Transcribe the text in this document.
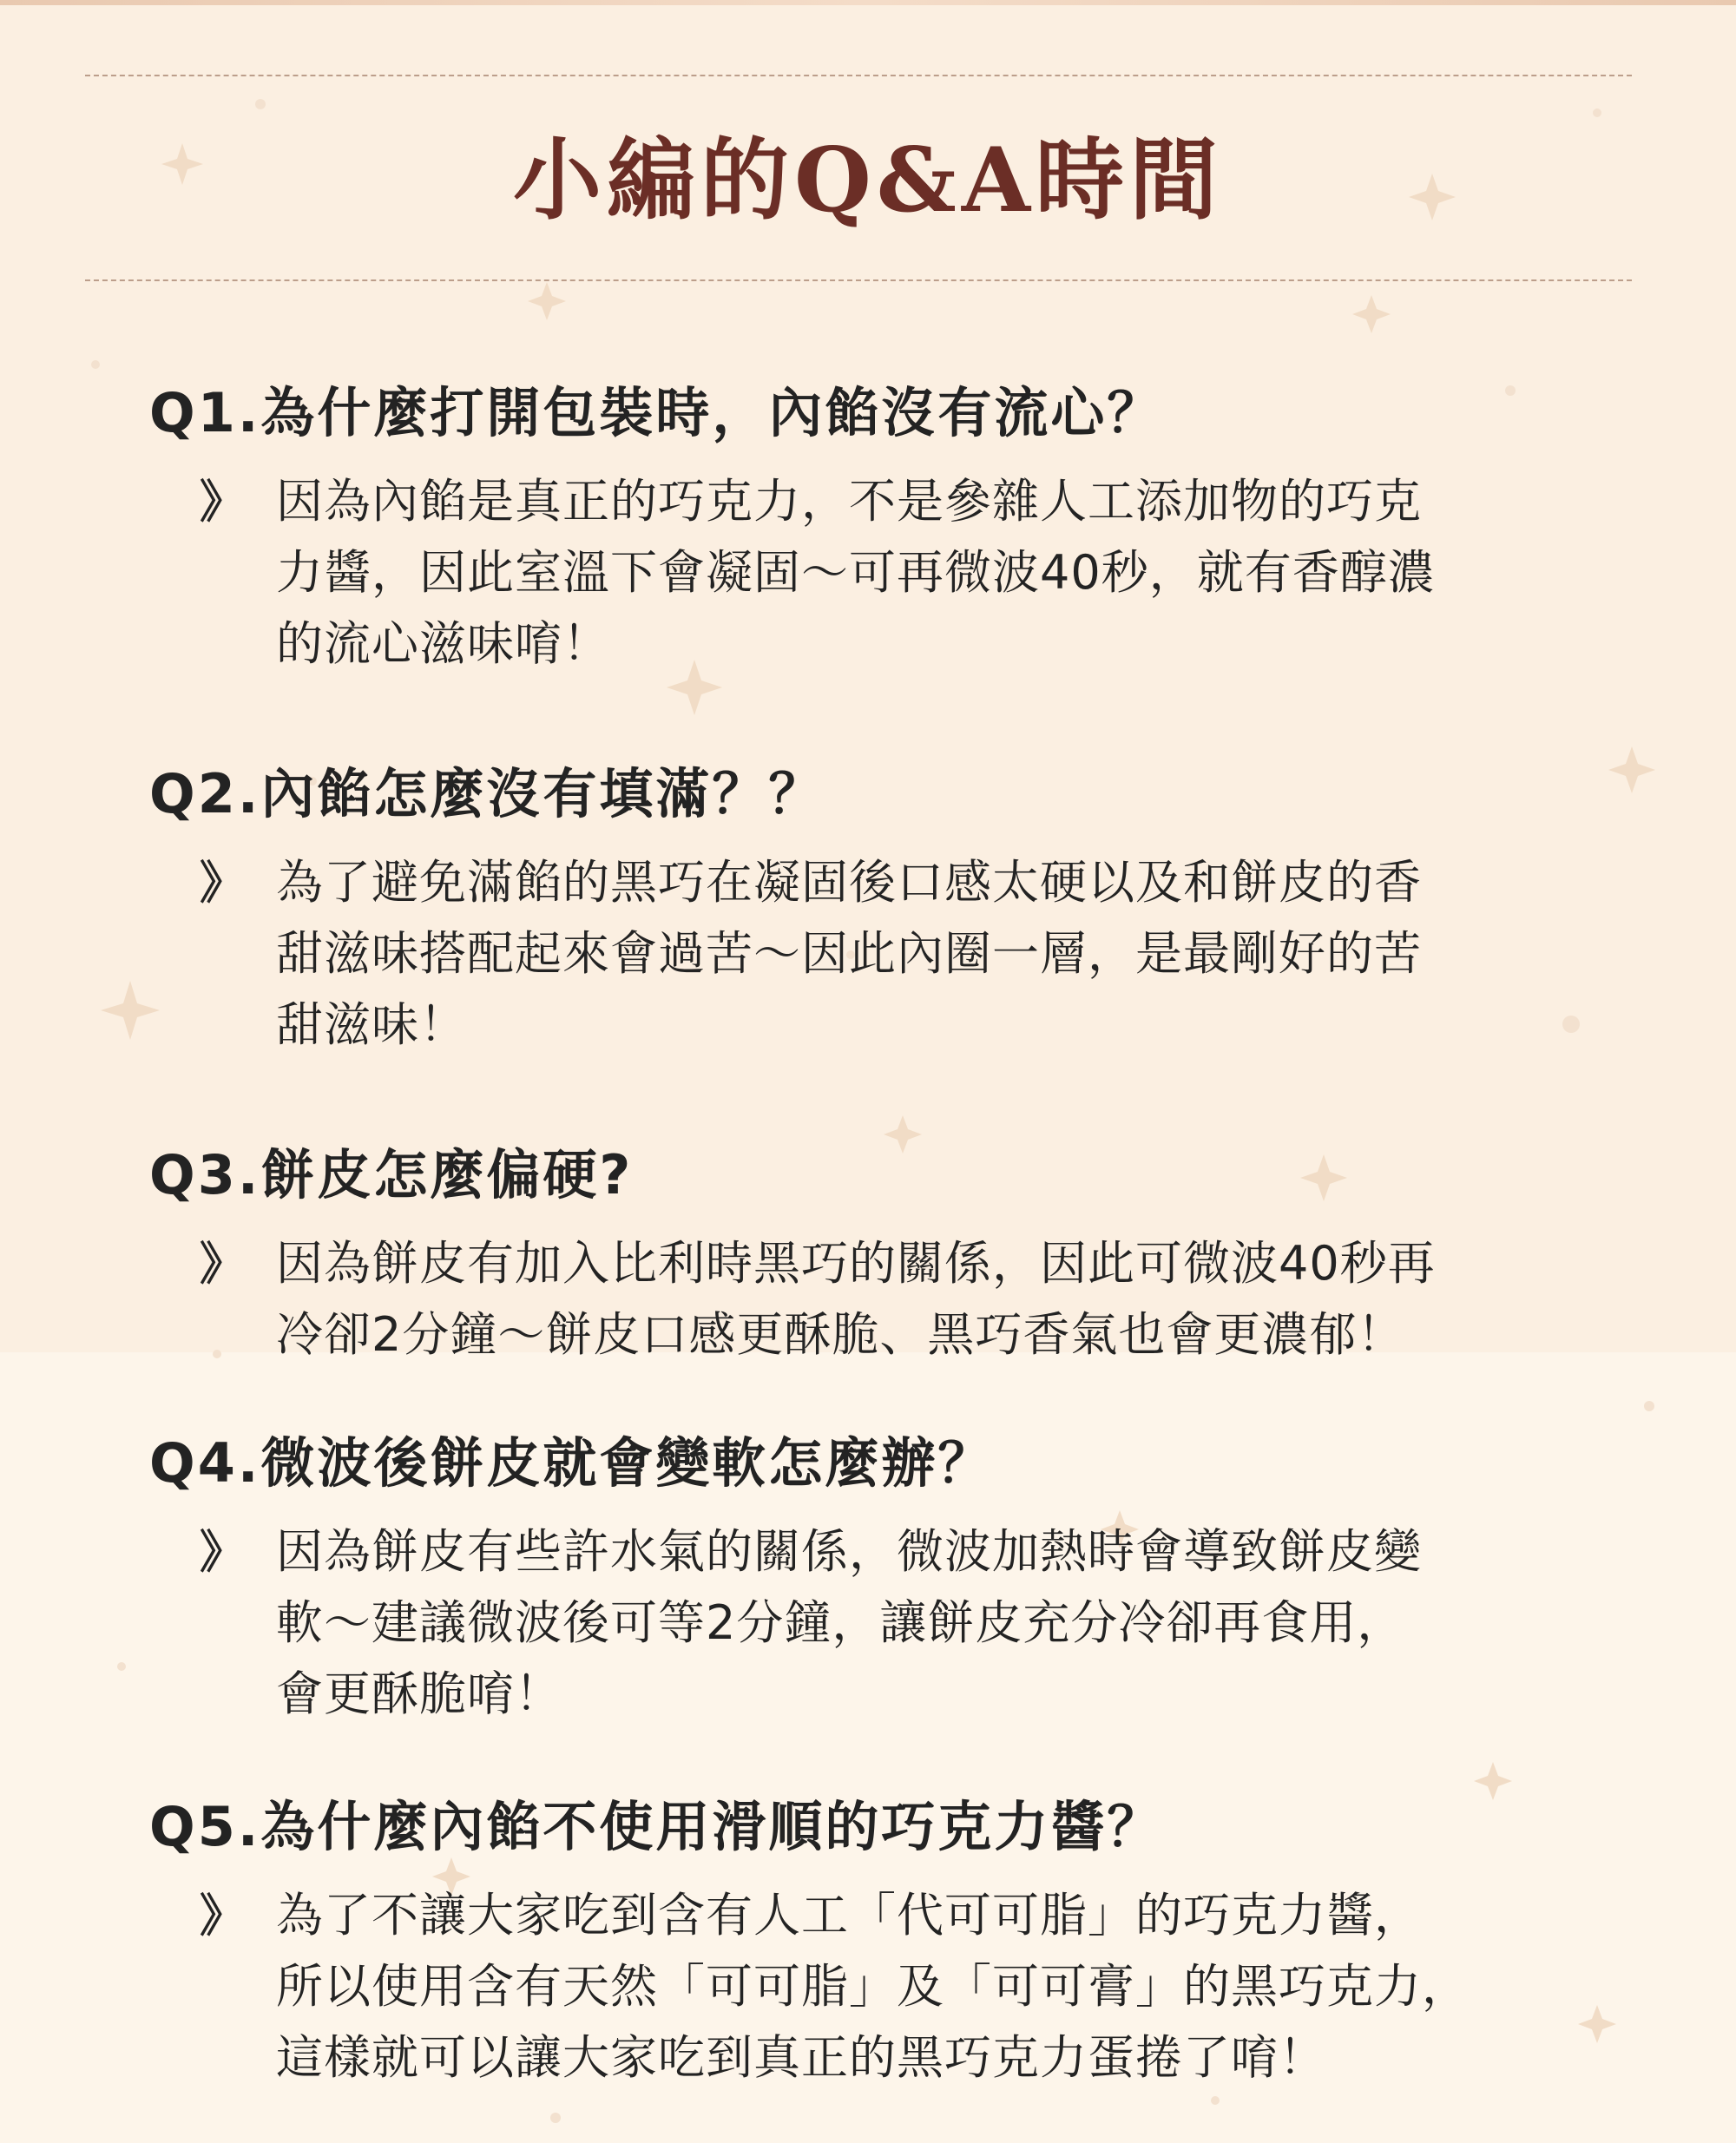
小編的Q&A時間
Q1.為什麼打開包裝時，內餡沒有流心？
》 因為內餡是真正的巧克力，不是參雜人工添加物的巧克
力醬，因此室溫下會凝固～可再微波40秒，就有香醇濃
的流心滋味唷！
Q2.內餡怎麼沒有填滿？？
》 為了避免滿餡的黑巧在凝固後口感太硬以及和餅皮的香
甜滋味搭配起來會過苦～因此內圈一層，是最剛好的苦
甜滋味！
Q3.餅皮怎麼偏硬?
》 因為餅皮有加入比利時黑巧的關係，因此可微波40秒再
冷卻2分鐘～餅皮口感更酥脆、黑巧香氣也會更濃郁！
Q4.微波後餅皮就會變軟怎麼辦？
》 因為餅皮有些許水氣的關係，微波加熱時會導致餅皮變
軟～建議微波後可等2分鐘，讓餅皮充分冷卻再食用，
會更酥脆唷！
Q5.為什麼內餡不使用滑順的巧克力醬？
》 為了不讓大家吃到含有人工「代可可脂」的巧克力醬，
所以使用含有天然「可可脂」及「可可膏」的黑巧克力，
這樣就可以讓大家吃到真正的黑巧克力蛋捲了唷！
